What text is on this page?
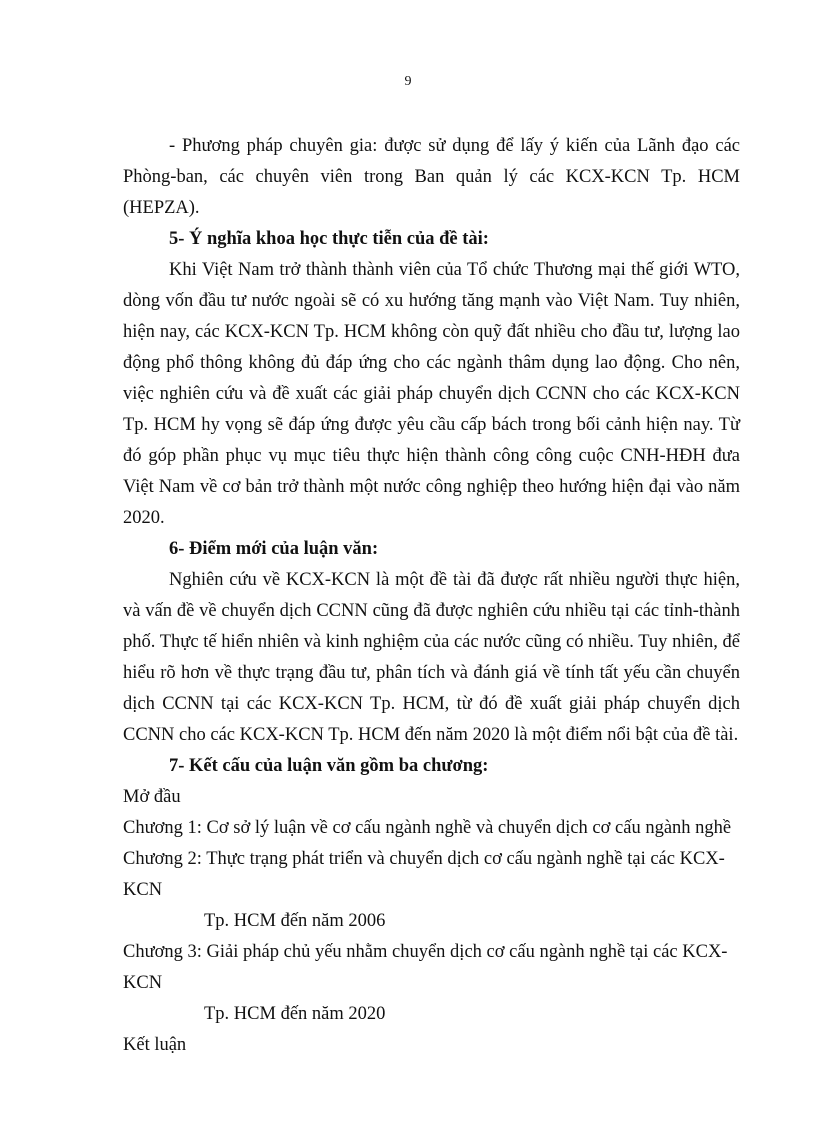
9

- Phương pháp chuyên gia: được sử dụng để lấy ý kiến của Lãnh đạo các Phòng-ban, các chuyên viên trong Ban quản lý các KCX-KCN Tp. HCM (HEPZA).

5- Ý nghĩa khoa học thực tiễn của đề tài:

Khi Việt Nam trở thành thành viên của Tổ chức Thương mại thế giới WTO, dòng vốn đầu tư nước ngoài sẽ có xu hướng tăng mạnh vào Việt Nam. Tuy nhiên, hiện nay, các KCX-KCN Tp. HCM không còn quỹ đất nhiều cho đầu tư, lượng lao động phổ thông không đủ đáp ứng cho các ngành thâm dụng lao động. Cho nên, việc nghiên cứu và đề xuất các giải pháp chuyển dịch CCNN cho các KCX-KCN Tp. HCM hy vọng sẽ đáp ứng được yêu cầu cấp bách trong bối cảnh hiện nay. Từ đó góp phần phục vụ mục tiêu thực hiện thành công công cuộc CNH-HĐH đưa Việt Nam về cơ bản trở thành một nước công nghiệp theo hướng hiện đại vào năm 2020.

6- Điểm mới của luận văn:

Nghiên cứu về KCX-KCN là một đề tài đã được rất nhiều người thực hiện, và vấn đề về chuyển dịch CCNN cũng đã được nghiên cứu nhiều tại các tỉnh-thành phố. Thực tế hiển nhiên và kinh nghiệm của các nước cũng có nhiều. Tuy nhiên, để hiểu rõ hơn về thực trạng đầu tư, phân tích và đánh giá về tính tất yếu cần chuyển dịch CCNN tại các KCX-KCN Tp. HCM, từ đó đề xuất giải pháp chuyển dịch CCNN cho các KCX-KCN Tp. HCM đến năm 2020 là một điểm nổi bật của đề tài.

7- Kết cấu của luận văn gồm ba chương:

Mở đầu

Chương 1: Cơ sở lý luận về cơ cấu ngành nghề và chuyển dịch cơ cấu ngành nghề

Chương 2: Thực trạng phát triển và chuyển dịch cơ cấu ngành nghề tại các KCX-KCN
Tp. HCM đến năm 2006

Chương 3: Giải pháp chủ yếu nhằm chuyển dịch cơ cấu ngành nghề tại các KCX-KCN
Tp. HCM đến năm 2020

Kết luận
